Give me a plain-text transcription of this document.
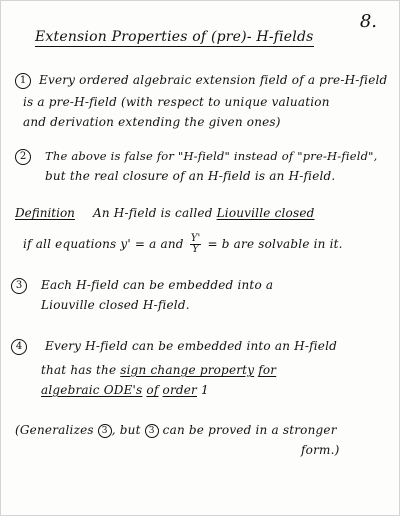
8.
Extension Properties of (pre)- H-fields
1	Every ordered algebraic extension field of a pre-H-field
is a pre-H-field (with respect to unique valuation
and derivation extending the given ones)
2	The above is false for "H-field" instead of "pre-H-field",
but the real closure of an H-field is an H-field.
Definition An H-field is called Liouville closed
if all equations y' = a and $\frac{Y'}{Y} = b$ are solvable in it.
3	Each H-field can be embedded into a
Liouville closed H-field.
4	Every H-field can be embedded into an H-field
that has the sign change property for
algebraic ODE's of order 1
(Generalizes 3 , but 3 can be proved in a stronger
form.)
